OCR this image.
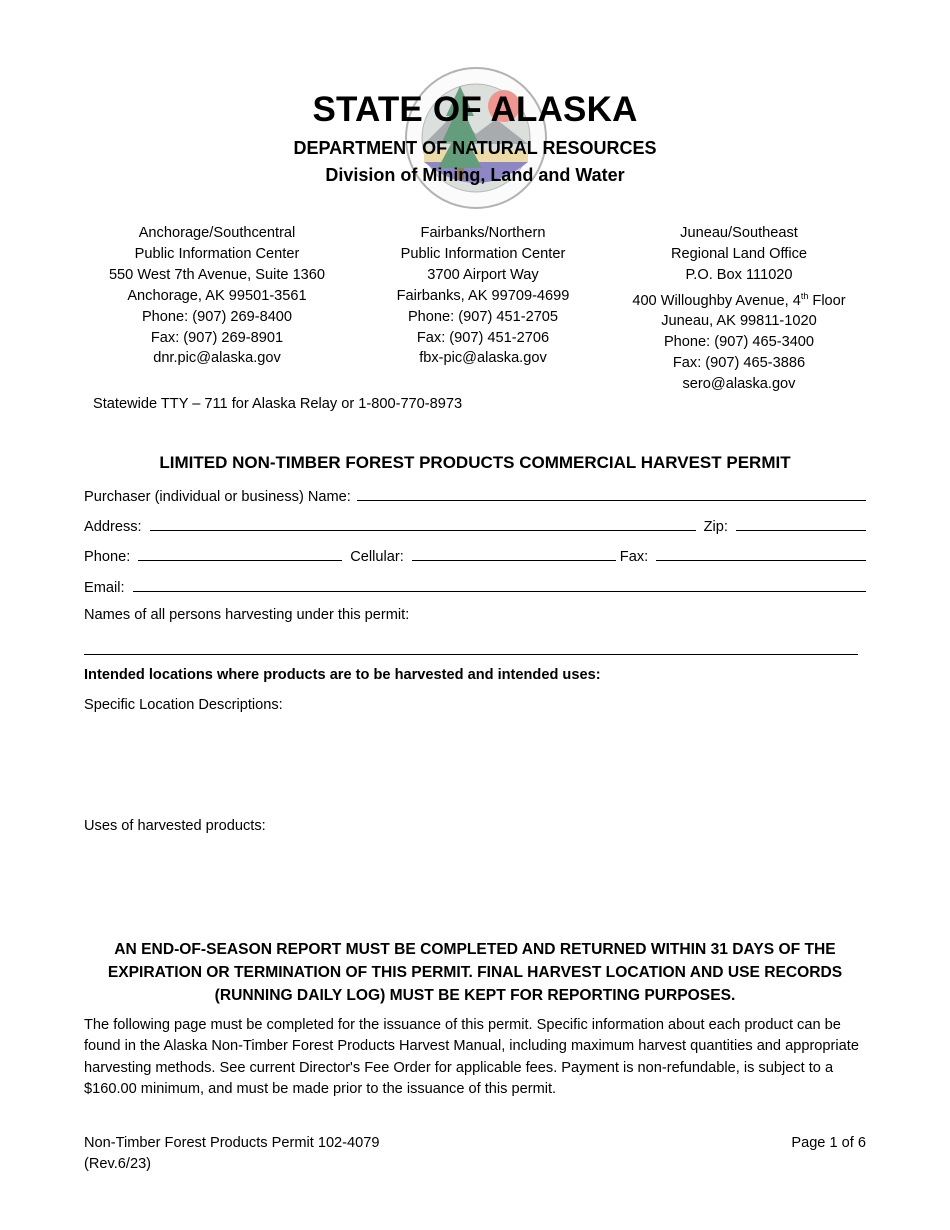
STATE OF ALASKA
DEPARTMENT OF NATURAL RESOURCES
Division of Mining, Land and Water
Anchorage/Southcentral
Public Information Center
550 West 7th Avenue, Suite 1360
Anchorage, AK 99501-3561
Phone: (907) 269-8400
Fax: (907) 269-8901
dnr.pic@alaska.gov
Fairbanks/Northern
Public Information Center
3700 Airport Way
Fairbanks, AK 99709-4699
Phone: (907) 451-2705
Fax: (907) 451-2706
fbx-pic@alaska.gov
Juneau/Southeast
Regional Land Office
P.O. Box 111020
400 Willoughby Avenue, 4th Floor
Juneau, AK 99811-1020
Phone: (907) 465-3400
Fax: (907) 465-3886
sero@alaska.gov
Statewide TTY – 711 for Alaska Relay or 1-800-770-8973
LIMITED NON-TIMBER FOREST PRODUCTS COMMERCIAL HARVEST PERMIT
Purchaser (individual or business) Name:
Address:	Zip:
Phone:	Cellular:	Fax:
Email:
Names of all persons harvesting under this permit:
Intended locations where products are to be harvested and intended uses:
Specific Location Descriptions:
Uses of harvested products:
AN END-OF-SEASON REPORT MUST BE COMPLETED AND RETURNED WITHIN 31 DAYS OF THE EXPIRATION OR TERMINATION OF THIS PERMIT. FINAL HARVEST LOCATION AND USE RECORDS (RUNNING DAILY LOG) MUST BE KEPT FOR REPORTING PURPOSES.
The following page must be completed for the issuance of this permit. Specific information about each product can be found in the Alaska Non-Timber Forest Products Harvest Manual, including maximum harvest quantities and appropriate harvesting methods. See current Director's Fee Order for applicable fees. Payment is non-refundable, is subject to a $160.00 minimum, and must be made prior to the issuance of this permit.
Non-Timber Forest Products Permit 102-4079
(Rev.6/23)
Page 1 of 6
